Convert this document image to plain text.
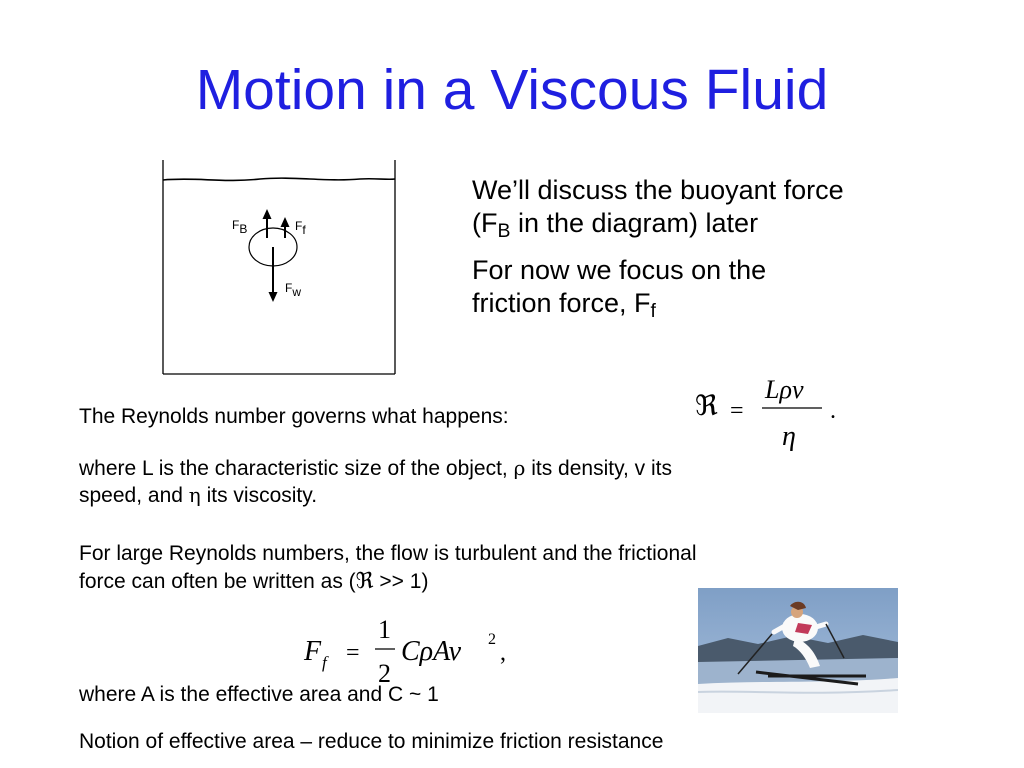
Motion in a Viscous Fluid
FB	Ff
Fw

We’ll discuss the buoyant force
($F_B$ in the diagram) later

For now we focus on the
friction force, $F_f$

The Reynolds number governs what happens:	ℜ =
Lρv
η
.
where L is the characteristic size of the object, ρ its density, v its
speed, and η its viscosity.
For large Reynolds numbers, the flow is turbulent and the frictional
force can often be written as (ℜ >> 1)
F f =
1
2
CρAv 2
,
where A is the effective area and C ~ 1
Notion of effective area – reduce to minimize friction resistance
